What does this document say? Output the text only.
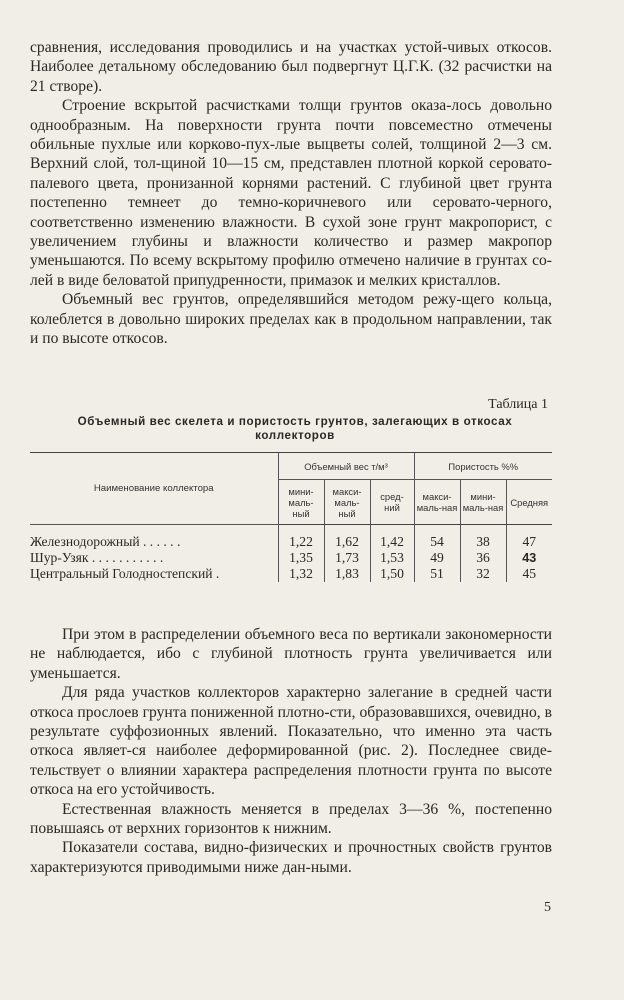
сравнения, исследования проводились и на участках устой-чивых откосов. Наиболее детальному обследованию был подвергнут Ц.Г.К. (32 расчистки на 21 створе).

Строение вскрытой расчистками толщи грунтов оказа-лось довольно однообразным. На поверхности грунта почти повсеместно отмечены обильные пухлые или корково-пух-лые выцветы солей, толщиной 2—3 см. Верхний слой, тол-щиной 10—15 см, представлен плотной коркой серовато-палевого цвета, пронизанной корнями растений. С глубиной цвет грунта постепенно темнеет до темно-коричневого или серовато-черного, соответственно изменению влажности. В сухой зоне грунт макропорист, с увеличением глубины и влажности количество и размер макропор уменьшаются. По всему вскрытому профилю отмечено наличие в грунтах со-лей в виде беловатой припудренности, примазок и мелких кристаллов.

Объемный вес грунтов, определявшийся методом режу-щего кольца, колеблется в довольно широких пределах как в продольном направлении, так и по высоте откосов.

Таблица 1
Объемный вес скелета и пористость грунтов, залегающих в откосах коллекторов
Наименование коллектора	Объемный вес т/м³			Пористость %%		
	мини-маль-ный	макси-маль-ный	сред-ний	макси-маль-ная	мини-маль-ная	Средняя
Железнодорожный . . . . . .	1,22	1,62	1,42	54	38	47
Шур-Узяк . . . . . . . . . . .	1,35	1,73	1,53	49	36	43
Центральный Голодностепский .	1,32	1,83	1,50	51	32	45

При этом в распределении объемного веса по вертикали закономерности не наблюдается, ибо с глубиной плотность грунта увеличивается или уменьшается.

Для ряда участков коллекторов характерно залегание в средней части откоса прослоев грунта пониженной плотно-сти, образовавшихся, очевидно, в результате суффозионных явлений. Показательно, что именно эта часть откоса являет-ся наиболее деформированной (рис. 2). Последнее свиде-тельствует о влиянии характера распределения плотности грунта по высоте откоса на его устойчивость.

Естественная влажность меняется в пределах 3—36 %, постепенно повышаясь от верхних горизонтов к нижним.

Показатели состава, видно-физических и прочностных свойств грунтов характеризуются приводимыми ниже дан-ными.

5
